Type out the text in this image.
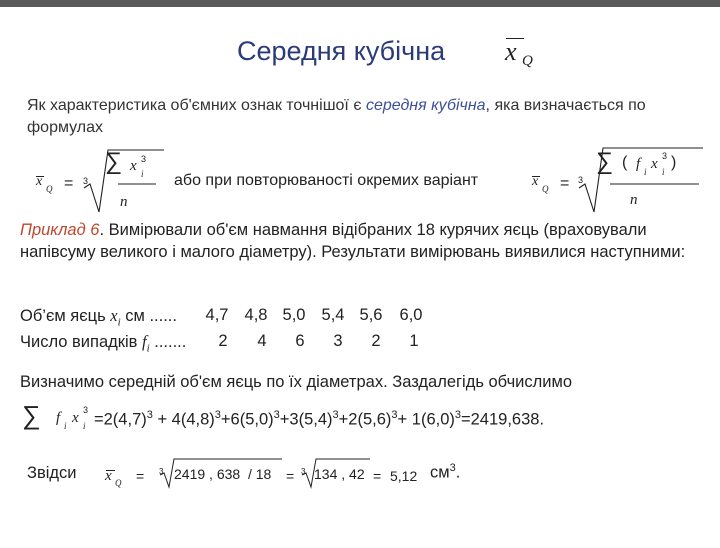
Середня кубічна x Q
Як характеристика об'ємних ознак точнішої є середня кубічна, яка визначається по формулах
x Q = 3
∑ x i
3
n
або при повторюваності окремих варіант	x Q = 3
∑ ( f i x i
3 )
n
Приклад 6. Вимірювали об'єм навмання відібраних 18 курячих яєць (враховували напівсуму великого і малого діаметру). Результати вимірювань виявилися наступними:
Об’єм яєць $x_i$ см ......	4,7 4,8 5,0 5,4 5,6 6,0
Число випадків $f_i$ .......	2 4 6 3 2 1
Визначимо середній об'єм яєць по їх діаметрах. Заздалегідь обчислимо
∑ f i x i
3
$=2(4,7)^3 + 4(4,8)^3+6(5,0)^3+3(5,4)^3+2(5,6)^3+ 1(6,0)^3=2419,638$.
Звідси x Q = 3 2419 , 638  / 18 = 3 134 , 42 = 5,12 $см^3$.
